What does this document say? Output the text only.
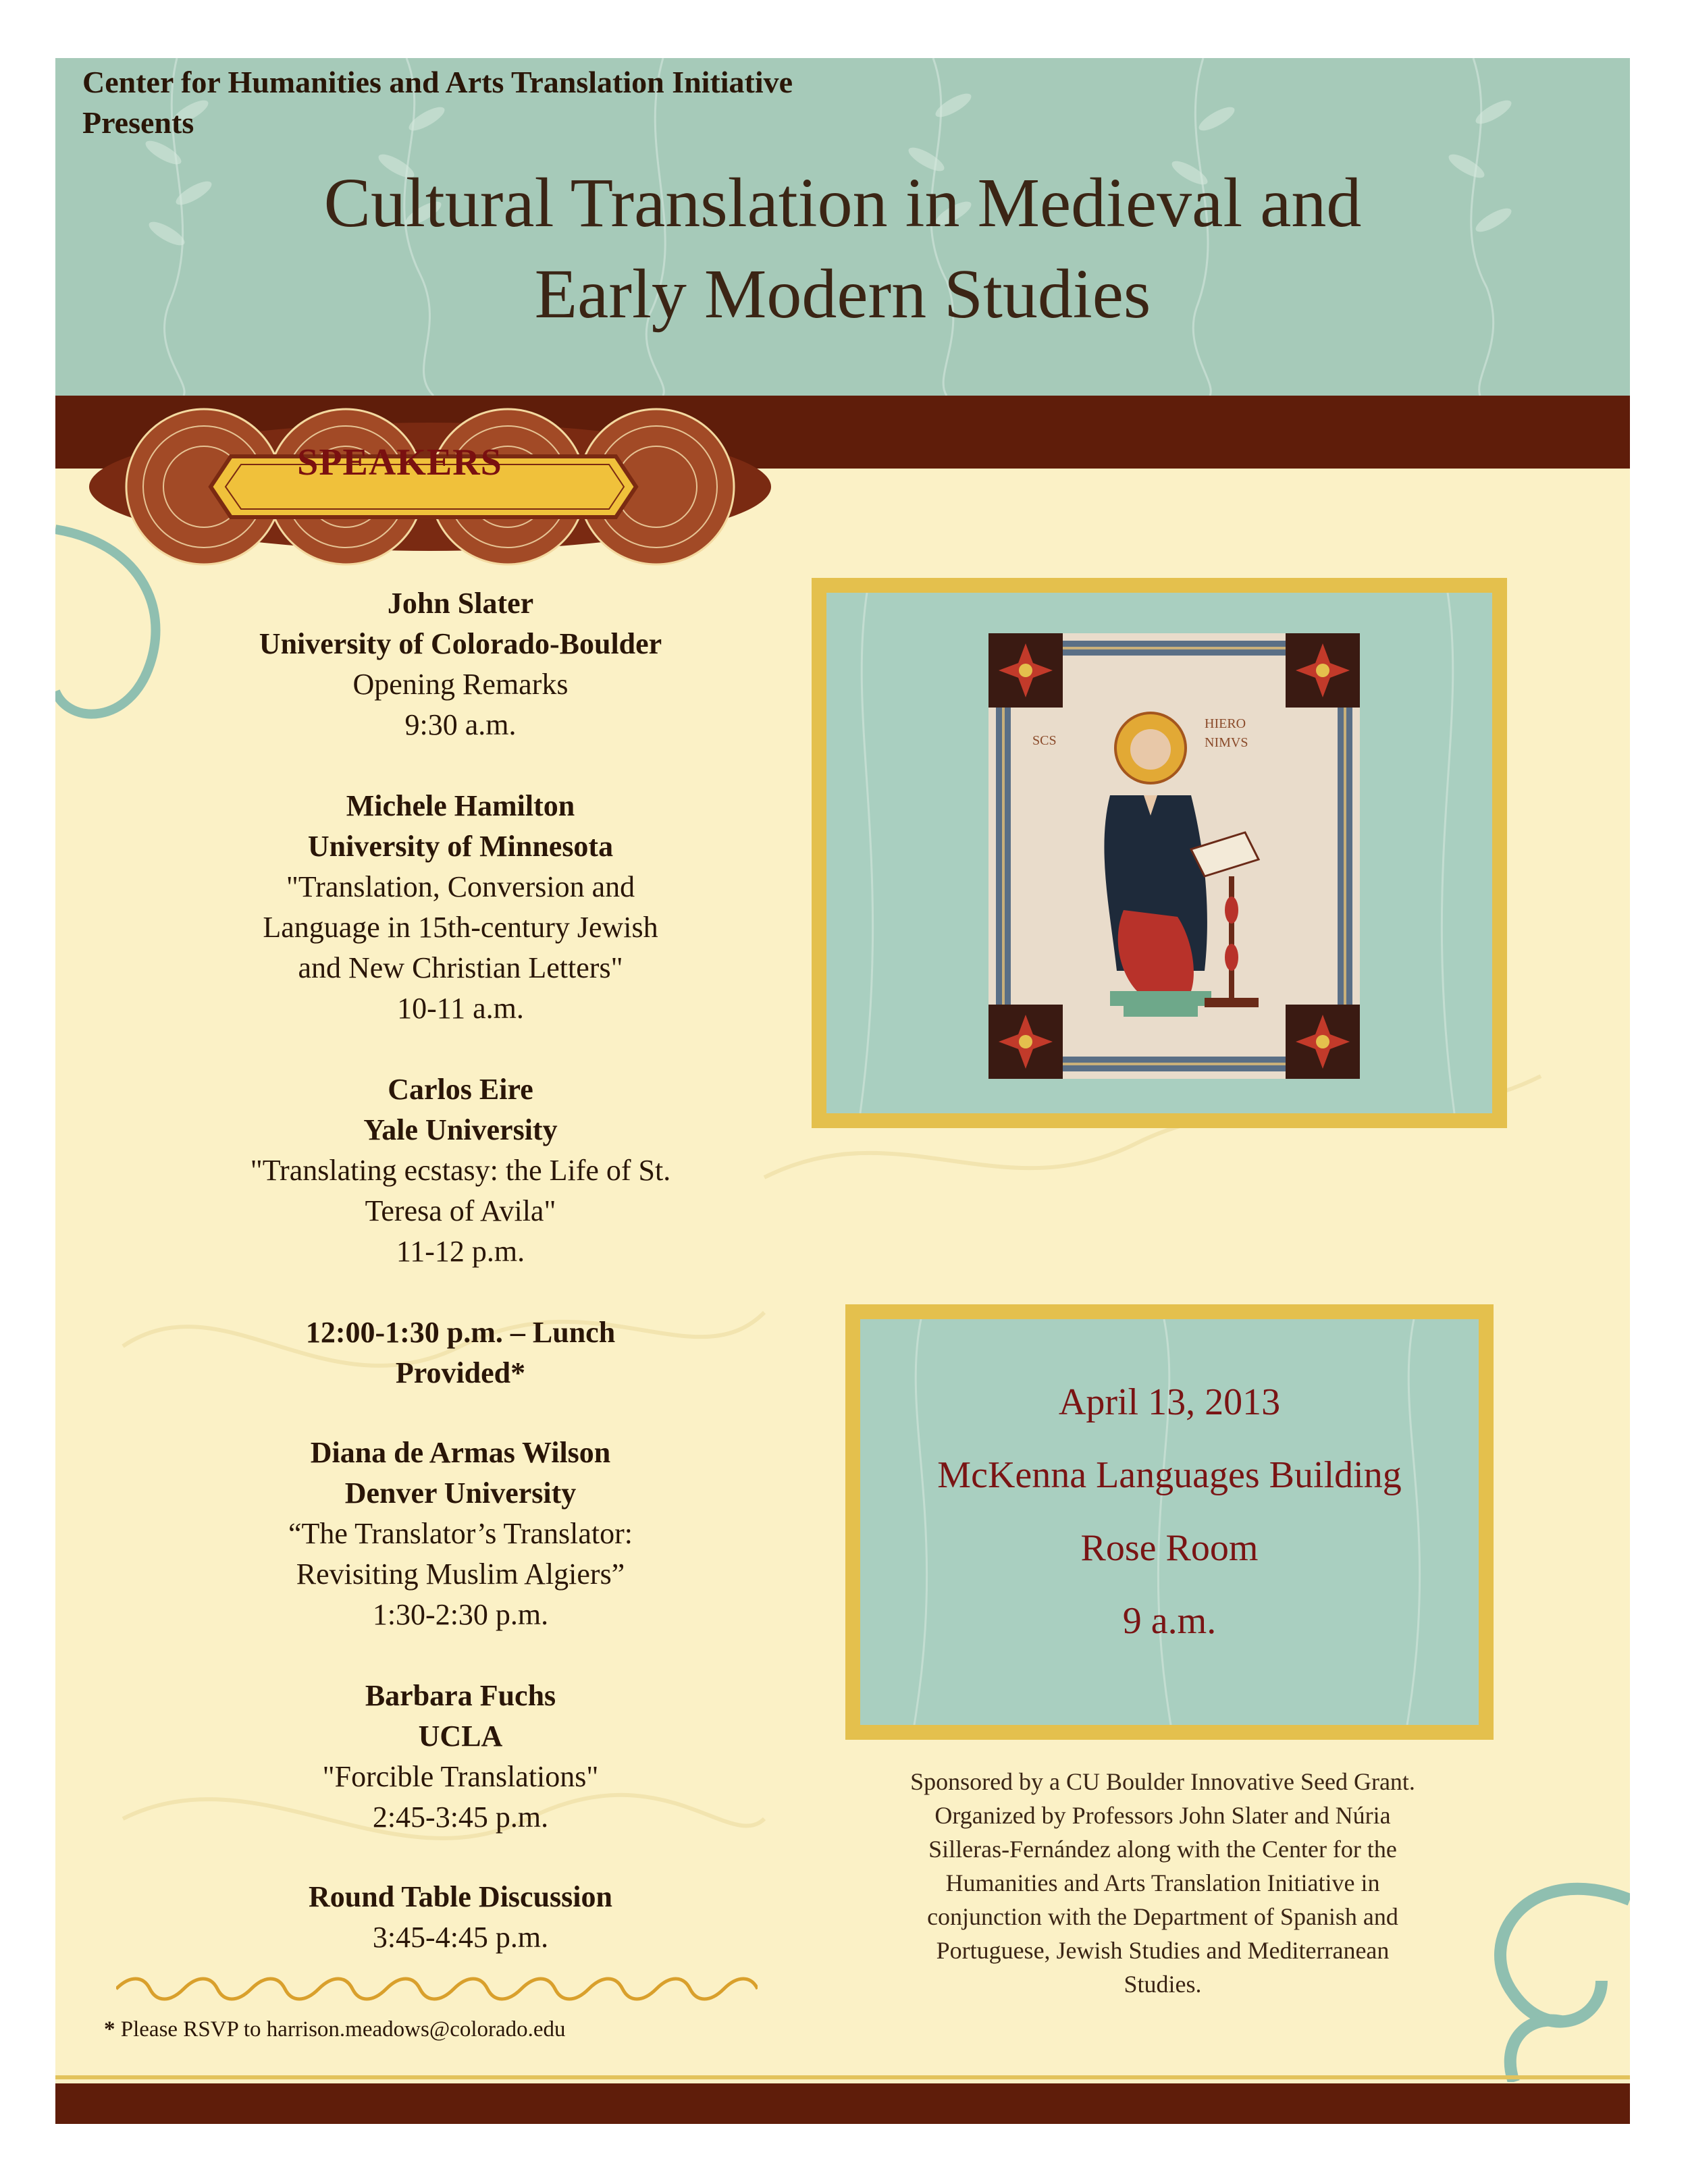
Center for Humanities and Arts Translation Initiative
Presents
Cultural Translation in Medieval and
Early Modern Studies
SPEAKERS
John Slater
University of Colorado-Boulder
Opening Remarks
9:30 a.m.
Michele Hamilton
University of Minnesota
"Translation, Conversion and
Language in 15th-century Jewish
and New Christian Letters"
10-11 a.m.
Carlos Eire
Yale University
"Translating ecstasy: the Life of St.
Teresa of Avila"
11-12 p.m.
12:00-1:30 p.m. – Lunch
Provided*
Diana de Armas Wilson
Denver University
“The Translator’s Translator:
Revisiting Muslim Algiers”
1:30-2:30 p.m.
Barbara Fuchs
UCLA
"Forcible Translations"
2:45-3:45 p.m.
Round Table Discussion
3:45-4:45 p.m.
* Please RSVP to harrison.meadows@colorado.edu
SCS
HIERO
NIMVS
April 13, 2013
McKenna Languages Building
Rose Room
9 a.m.
Sponsored by a CU Boulder Innovative Seed Grant.
Organized by Professors John Slater and Núria
Silleras-Fernández along with the Center for the
Humanities and Arts Translation Initiative in
conjunction with the Department of Spanish and
Portuguese, Jewish Studies and Mediterranean
Studies.
